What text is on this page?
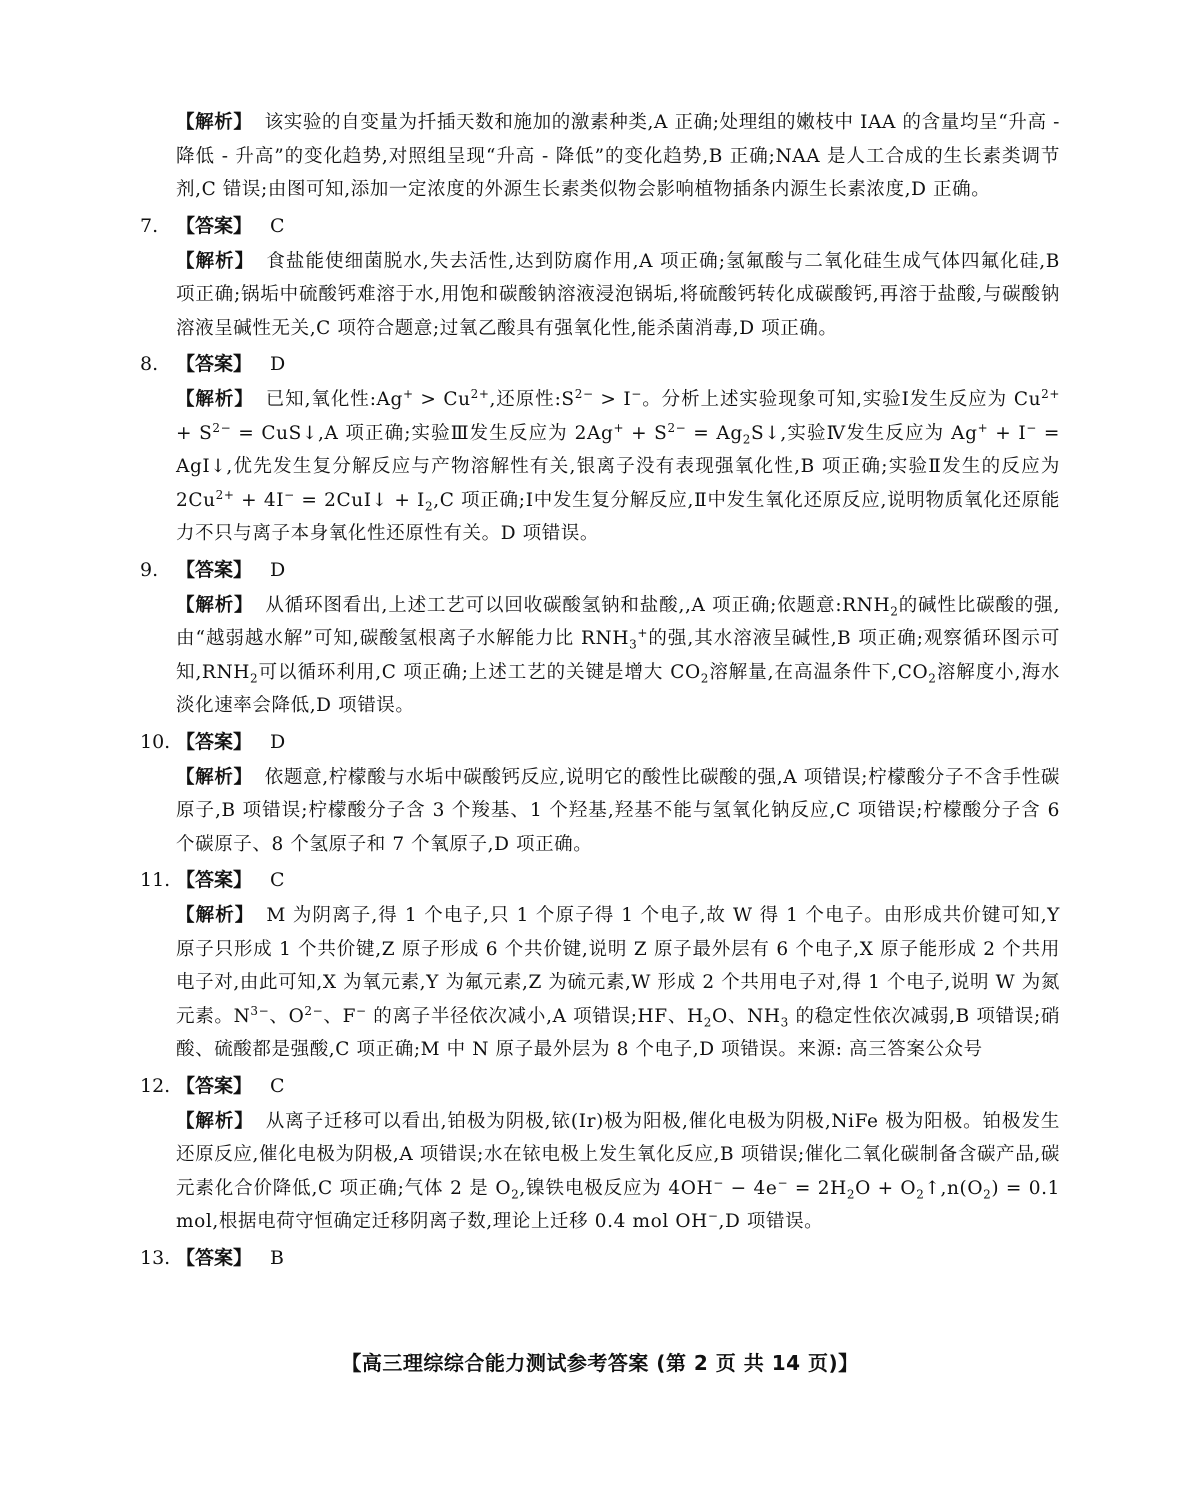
【解析】 该实验的自变量为扦插天数和施加的激素种类,A 正确;处理组的嫩枝中 IAA 的含量均呈“升高 - 降低 - 升高”的变化趋势,对照组呈现“升高 - 降低”的变化趋势,B 正确;NAA 是人工合成的生长素类调节剂,C 错误;由图可知,添加一定浓度的外源生长素类似物会影响植物插条内源生长素浓度,D 正确。
7. 【答案】 C
【解析】 食盐能使细菌脱水,失去活性,达到防腐作用,A 项正确;氢氟酸与二氧化硅生成气体四氟化硅,B 项正确;锅垢中硫酸钙难溶于水,用饱和碳酸钠溶液浸泡锅垢,将硫酸钙转化成碳酸钙,再溶于盐酸,与碳酸钠溶液呈碱性无关,C 项符合题意;过氧乙酸具有强氧化性,能杀菌消毒,D 项正确。
8. 【答案】 D
【解析】 已知,氧化性:Ag+ > $Cu^{2+}$,还原性$:S^{2-} > I^-$。分析上述实验现象可知,实验Ⅰ发生反应为 $Cu^{2+} + S^{2-}$ = CuS↓,A 项正确;实验Ⅲ发生反应为 $2Ag^+ + S^{2-}$ = $Ag_2S↓$,实验Ⅳ发生反应为 Ag+ + I− = AgI↓,优先发生复分解反应与产物溶解性有关,银离子没有表现强氧化性,B 项正确;实验Ⅱ发生的反应为 $2Cu^{2+} + 4I^-$ = 2CuI↓ + $I_2,C$ 项正确;Ⅰ中发生复分解反应,Ⅱ中发生氧化还原反应,说明物质氧化还原能力不只与离子本身氧化性还原性有关。D 项错误。
9. 【答案】 D
【解析】 从循环图看出,上述工艺可以回收碳酸氢钠和盐酸,,A 项正确;依题意$:RNH_2$的碱性比碳酸的强,由“越弱越水解”可知,碳酸氢根离子水解能力比 $RNH_3^+$的强,其水溶液呈碱性,B 项正确;观察循环图示可知$,RNH_2$可以循环利用,C 项正确;上述工艺的关键是增大 $CO_2$溶解量,在高温条件下$,CO_2$溶解度小,海水淡化速率会降低,D 项错误。
10. 【答案】 D
【解析】 依题意,柠檬酸与水垢中碳酸钙反应,说明它的酸性比碳酸的强,A 项错误;柠檬酸分子不含手性碳原子,B 项错误;柠檬酸分子含 3 个羧基、1 个羟基,羟基不能与氢氧化钠反应,C 项错误;柠檬酸分子含 6 个碳原子、8 个氢原子和 7 个氧原子,D 项正确。
11. 【答案】 C
【解析】 M 为阴离子,得 1 个电子,只 1 个原子得 1 个电子,故 W 得 1 个电子。由形成共价键可知,Y 原子只形成 1 个共价键,Z 原子形成 6 个共价键,说明 Z 原子最外层有 6 个电子,X 原子能形成 2 个共用电子对,由此可知,X 为氧元素,Y 为氟元素,Z 为硫元素,W 形成 2 个共用电子对,得 1 个电子,说明 W 为氮元素。$N^{3-}$、$O^{2-}$、F− 的离子半径依次减小,A 项错误;HF、$H_2O$、$NH_3$ 的稳定性依次减弱,B 项错误;硝酸、硫酸都是强酸,C 项正确;M 中 N 原子最外层为 8 个电子,D 项错误。来源: 高三答案公众号
12. 【答案】 C
【解析】 从离子迁移可以看出,铂极为阴极,铱(Ir)极为阳极,催化电极为阴极,NiFe 极为阳极。铂极发生还原反应,催化电极为阴极,A 项错误;水在铱电极上发生氧化反应,B 项错误;催化二氧化碳制备含碳产品,碳元素化合价降低,C 项正确;气体 2 是 $O_2$,镍铁电极反应为 $4OH^- - 4e^- = 2H_2O$ + $O_2↑,n(O_2) = 0.1$ mol,根据电荷守恒确定迁移阴离子数,理论上迁移 0.4 mol OH−,D 项错误。
13. 【答案】 B
【高三理综综合能力测试参考答案 (第 2 页 共 14 页)】
